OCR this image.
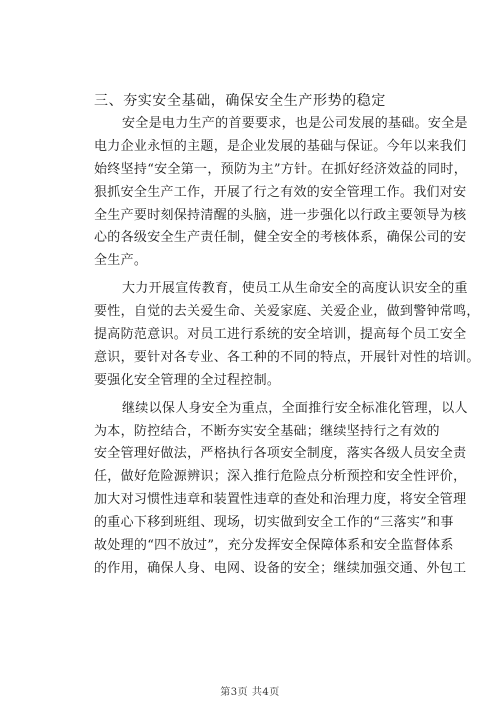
三、夯实安全基础，确保安全生产形势的稳定
安全是电力生产的首要要求，也是公司发展的基础。安全是
电力企业永恒的主题，是企业发展的基础与保证。今年以来我们
始终坚持“安全第一，预防为主”方针。在抓好经济效益的同时，
狠抓安全生产工作，开展了行之有效的安全管理工作。我们对安
全生产要时刻保持清醒的头脑，进一步强化以行政主要领导为核
心的各级安全生产责任制，健全安全的考核体系，确保公司的安
全生产。
大力开展宣传教育，使员工从生命安全的高度认识安全的重
要性，自觉的去关爱生命、关爱家庭、关爱企业，做到警钟常鸣，
提高防范意识。对员工进行系统的安全培训，提高每个员工安全
意识，要针对各专业、各工种的不同的特点，开展针对性的培训。
要强化安全管理的全过程控制。
继续以保人身安全为重点，全面推行安全标准化管理，以人
为本，防控结合，不断夯实安全基础；继续坚持行之有效的
安全管理好做法，严格执行各项安全制度，落实各级人员安全责
任，做好危险源辨识；深入推行危险点分析预控和安全性评价，
加大对习惯性违章和装置性违章的查处和治理力度，将安全管理
的重心下移到班组、现场，切实做到安全工作的“三落实”和事
故处理的“四不放过”，充分发挥安全保障体系和安全监督体系
的作用，确保人身、电网、设备的安全；继续加强交通、外包工
第3页 共4页
